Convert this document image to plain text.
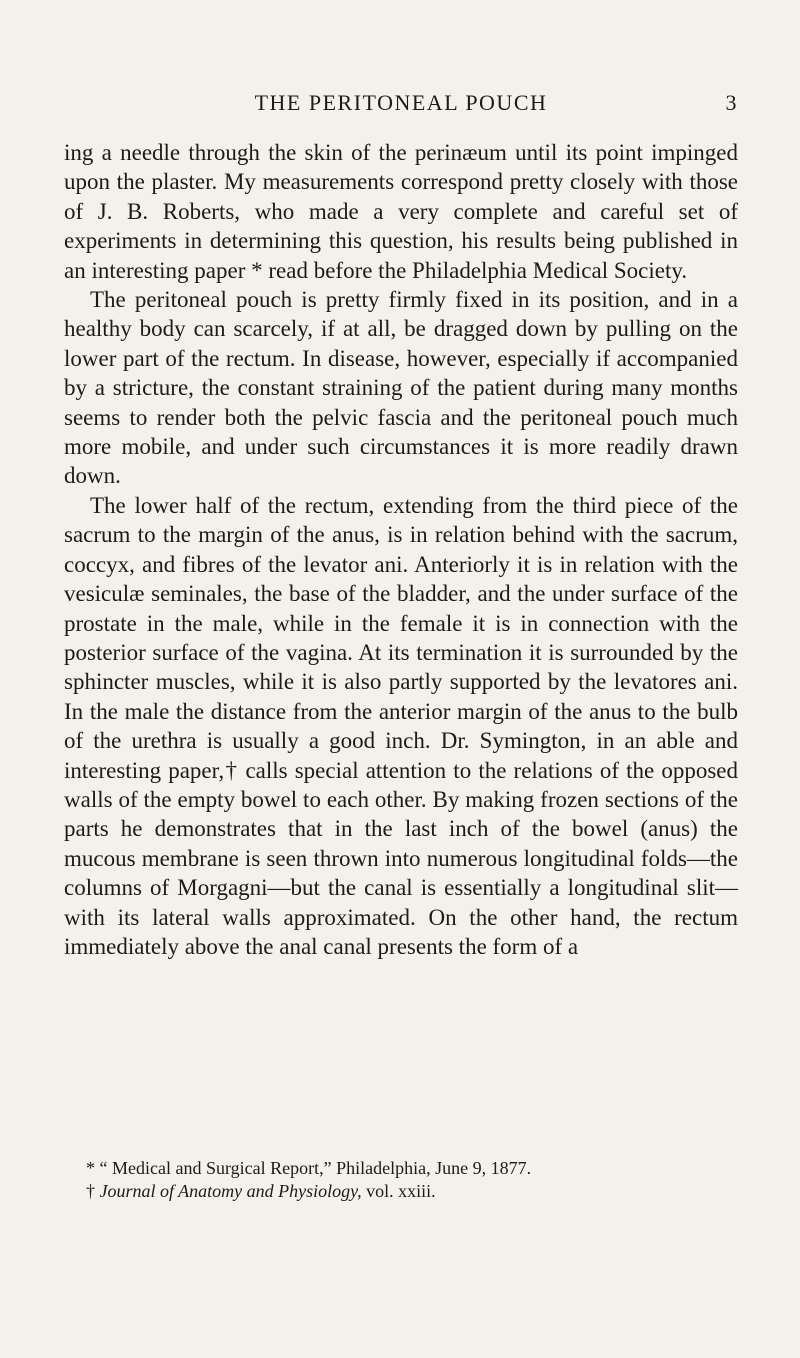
THE PERITONEAL POUCH	3

ing a needle through the skin of the perinæum until its point impinged upon the plaster. My measurements correspond pretty closely with those of J. B. Roberts, who made a very complete and careful set of experiments in determining this question, his results being published in an interesting paper * read before the Philadelphia Medical Society.

The peritoneal pouch is pretty firmly fixed in its position, and in a healthy body can scarcely, if at all, be dragged down by pulling on the lower part of the rectum. In disease, however, especially if accompanied by a stricture, the constant straining of the patient during many months seems to render both the pelvic fascia and the peritoneal pouch much more mobile, and under such circumstances it is more readily drawn down.

The lower half of the rectum, extending from the third piece of the sacrum to the margin of the anus, is in relation behind with the sacrum, coccyx, and fibres of the levator ani. Anteriorly it is in relation with the vesiculæ seminales, the base of the bladder, and the under surface of the prostate in the male, while in the female it is in connection with the posterior surface of the vagina. At its termination it is surrounded by the sphincter muscles, while it is also partly supported by the levatores ani. In the male the distance from the anterior margin of the anus to the bulb of the urethra is usually a good inch. Dr. Symington, in an able and interesting paper,† calls special attention to the relations of the opposed walls of the empty bowel to each other. By making frozen sections of the parts he demonstrates that in the last inch of the bowel (anus) the mucous membrane is seen thrown into numerous longitudinal folds—the columns of Morgagni—but the canal is essentially a longitudinal slit—with its lateral walls approximated. On the other hand, the rectum immediately above the anal canal presents the form of a

* “ Medical and Surgical Report,” Philadelphia, June 9, 1877.

† Journal of Anatomy and Physiology, vol. xxiii.
